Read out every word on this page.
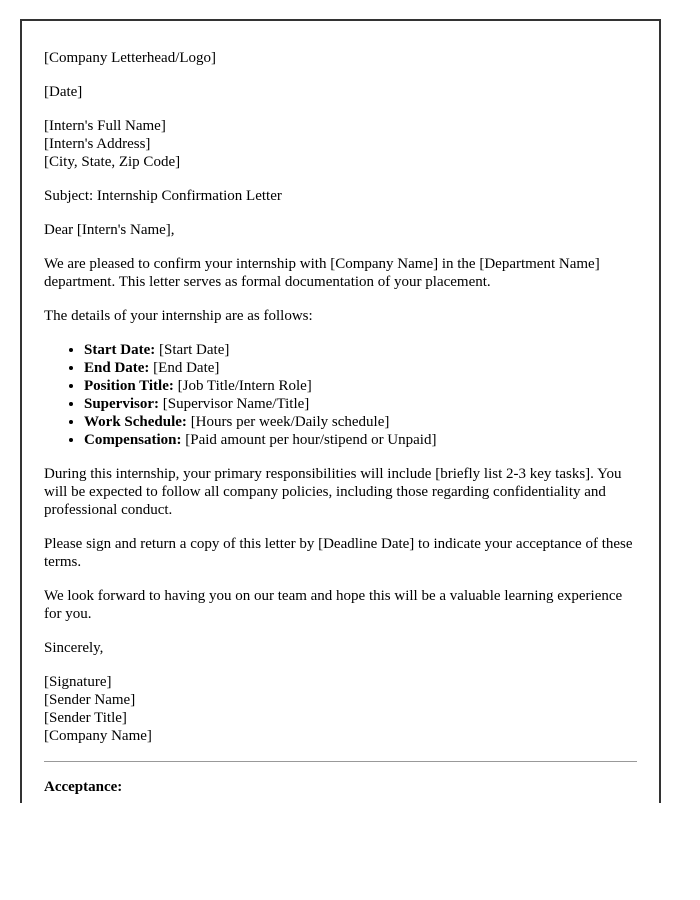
[Company Letterhead/Logo]

[Date]

[Intern's Full Name]
[Intern's Address]
[City, State, Zip Code]

Subject: Internship Confirmation Letter

Dear [Intern's Name],

We are pleased to confirm your internship with [Company Name] in the [Department Name] department. This letter serves as formal documentation of your placement.

The details of your internship are as follows:

• Start Date: [Start Date]
• End Date: [End Date]
• Position Title: [Job Title/Intern Role]
• Supervisor: [Supervisor Name/Title]
• Work Schedule: [Hours per week/Daily schedule]
• Compensation: [Paid amount per hour/stipend or Unpaid]

During this internship, your primary responsibilities will include [briefly list 2-3 key tasks]. You will be expected to follow all company policies, including those regarding confidentiality and professional conduct.

Please sign and return a copy of this letter by [Deadline Date] to indicate your acceptance of these terms.

We look forward to having you on our team and hope this will be a valuable learning experience for you.

Sincerely,

[Signature]
[Sender Name]
[Sender Title]
[Company Name]

Acceptance:
